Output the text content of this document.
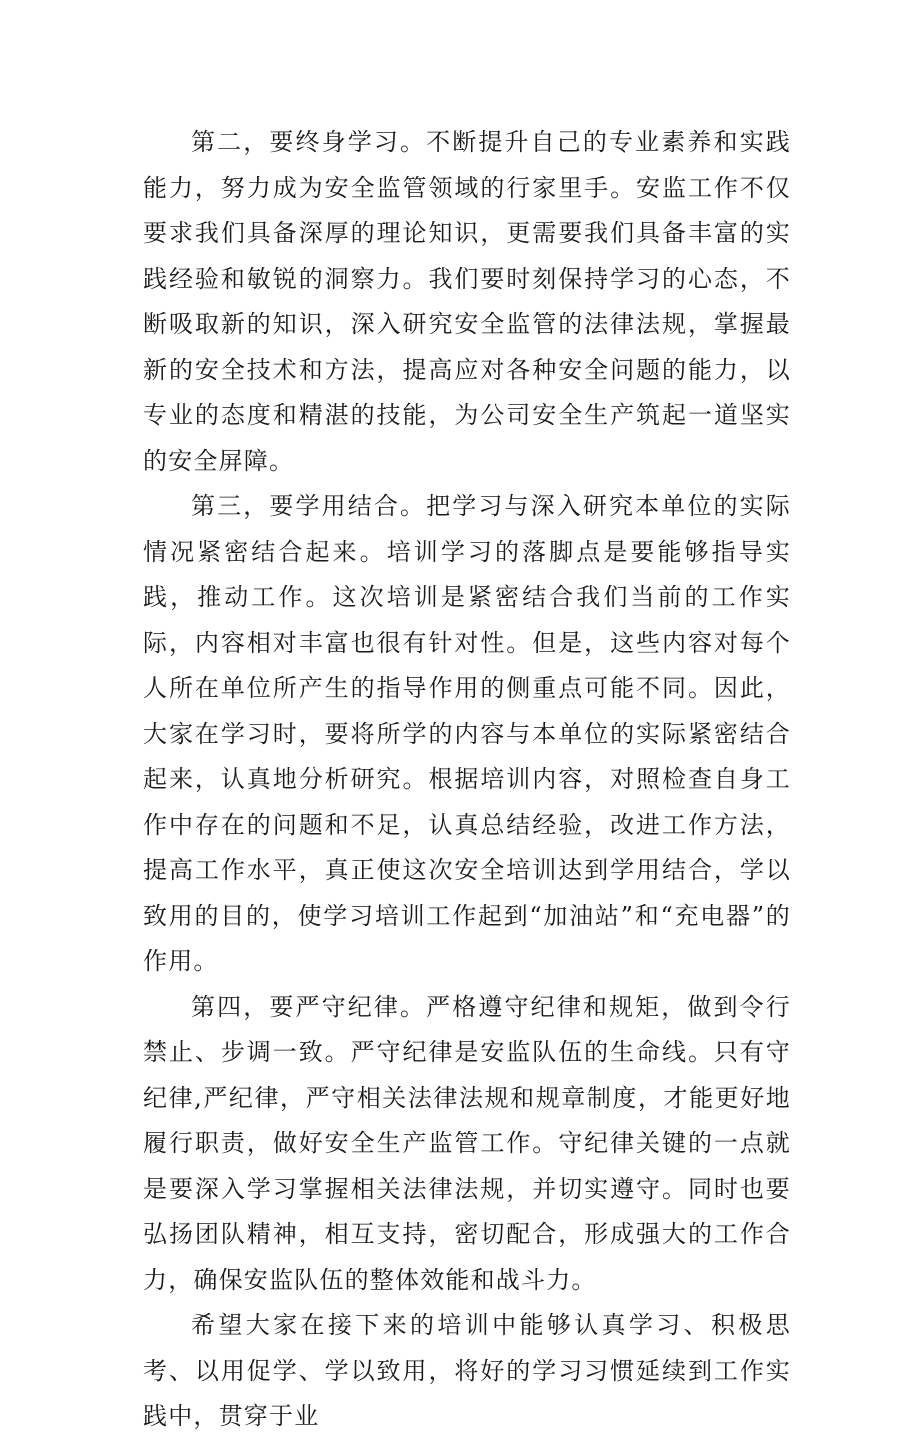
第二，要终身学习。不断提升自己的专业素养和实践能力，努力成为安全监管领域的行家里手。安监工作不仅要求我们具备深厚的理论知识，更需要我们具备丰富的实践经验和敏锐的洞察力。我们要时刻保持学习的心态，不断吸取新的知识，深入研究安全监管的法律法规，掌握最新的安全技术和方法，提高应对各种安全问题的能力，以专业的态度和精湛的技能，为公司安全生产筑起一道坚实的安全屏障。

第三，要学用结合。把学习与深入研究本单位的实际情况紧密结合起来。培训学习的落脚点是要能够指导实践，推动工作。这次培训是紧密结合我们当前的工作实际，内容相对丰富也很有针对性。但是，这些内容对每个人所在单位所产生的指导作用的侧重点可能不同。因此，大家在学习时，要将所学的内容与本单位的实际紧密结合起来，认真地分析研究。根据培训内容，对照检查自身工作中存在的问题和不足，认真总结经验，改进工作方法，提高工作水平，真正使这次安全培训达到学用结合，学以致用的目的，使学习培训工作起到“加油站”和“充电器”的作用。

第四，要严守纪律。严格遵守纪律和规矩，做到令行禁止、步调一致。严守纪律是安监队伍的生命线。只有守纪律,严纪律，严守相关法律法规和规章制度，才能更好地履行职责，做好安全生产监管工作。守纪律关键的一点就是要深入学习掌握相关法律法规，并切实遵守。同时也要弘扬团队精神，相互支持，密切配合，形成强大的工作合力，确保安监队伍的整体效能和战斗力。

希望大家在接下来的培训中能够认真学习、积极思考、以用促学、学以致用，将好的学习习惯延续到工作实践中，贯穿于业
